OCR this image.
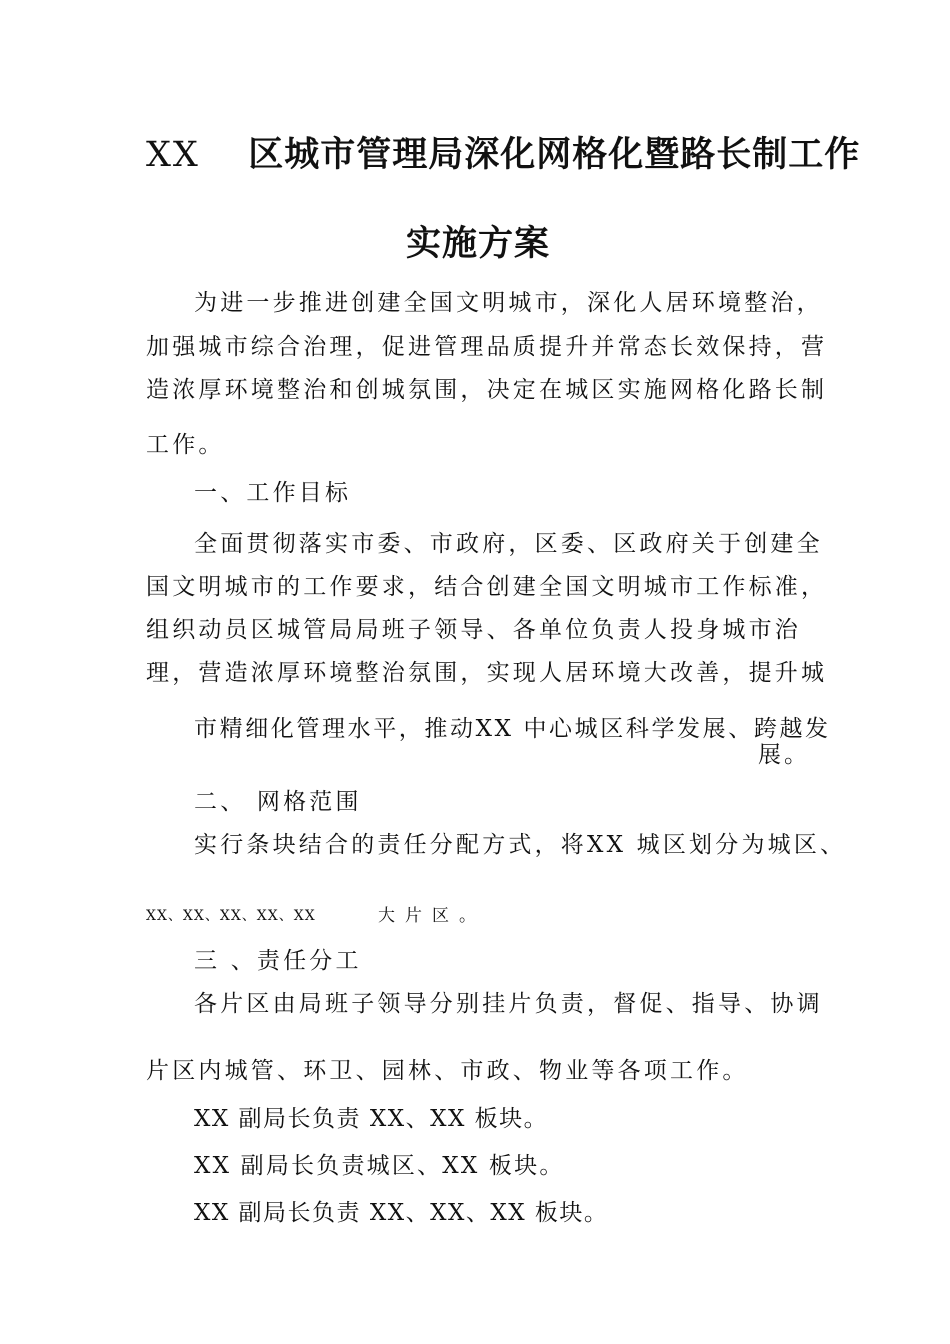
XX 区城市管理局深化网格化暨路长制工作
实施方案
为进一步推进创建全国文明城市，深化人居环境整治，
加强城市综合治理，促进管理品质提升并常态长效保持，营
造浓厚环境整治和创城氛围，决定在城区实施网格化路长制
工作。
一、工作目标
全面贯彻落实市委、市政府，区委、区政府关于创建全
国文明城市的工作要求，结合创建全国文明城市工作标准，
组织动员区城管局局班子领导、各单位负责人投身城市治
理，营造浓厚环境整治氛围，实现人居环境大改善，提升城
市精细化管理水平，推动XX 中心城区科学发展、跨越发
展。
二、 网格范围
实行条块结合的责任分配方式，将XX 城区划分为城区、
XX、XX、XX、XX、XX	大片区。
三 、责任分工
各片区由局班子领导分别挂片负责，督促、指导、协调
片区内城管、环卫、园林、市政、物业等各项工作。
XX 副局长负责 XX、XX 板块。
XX 副局长负责城区、XX 板块。
XX 副局长负责 XX、XX、XX 板块。
